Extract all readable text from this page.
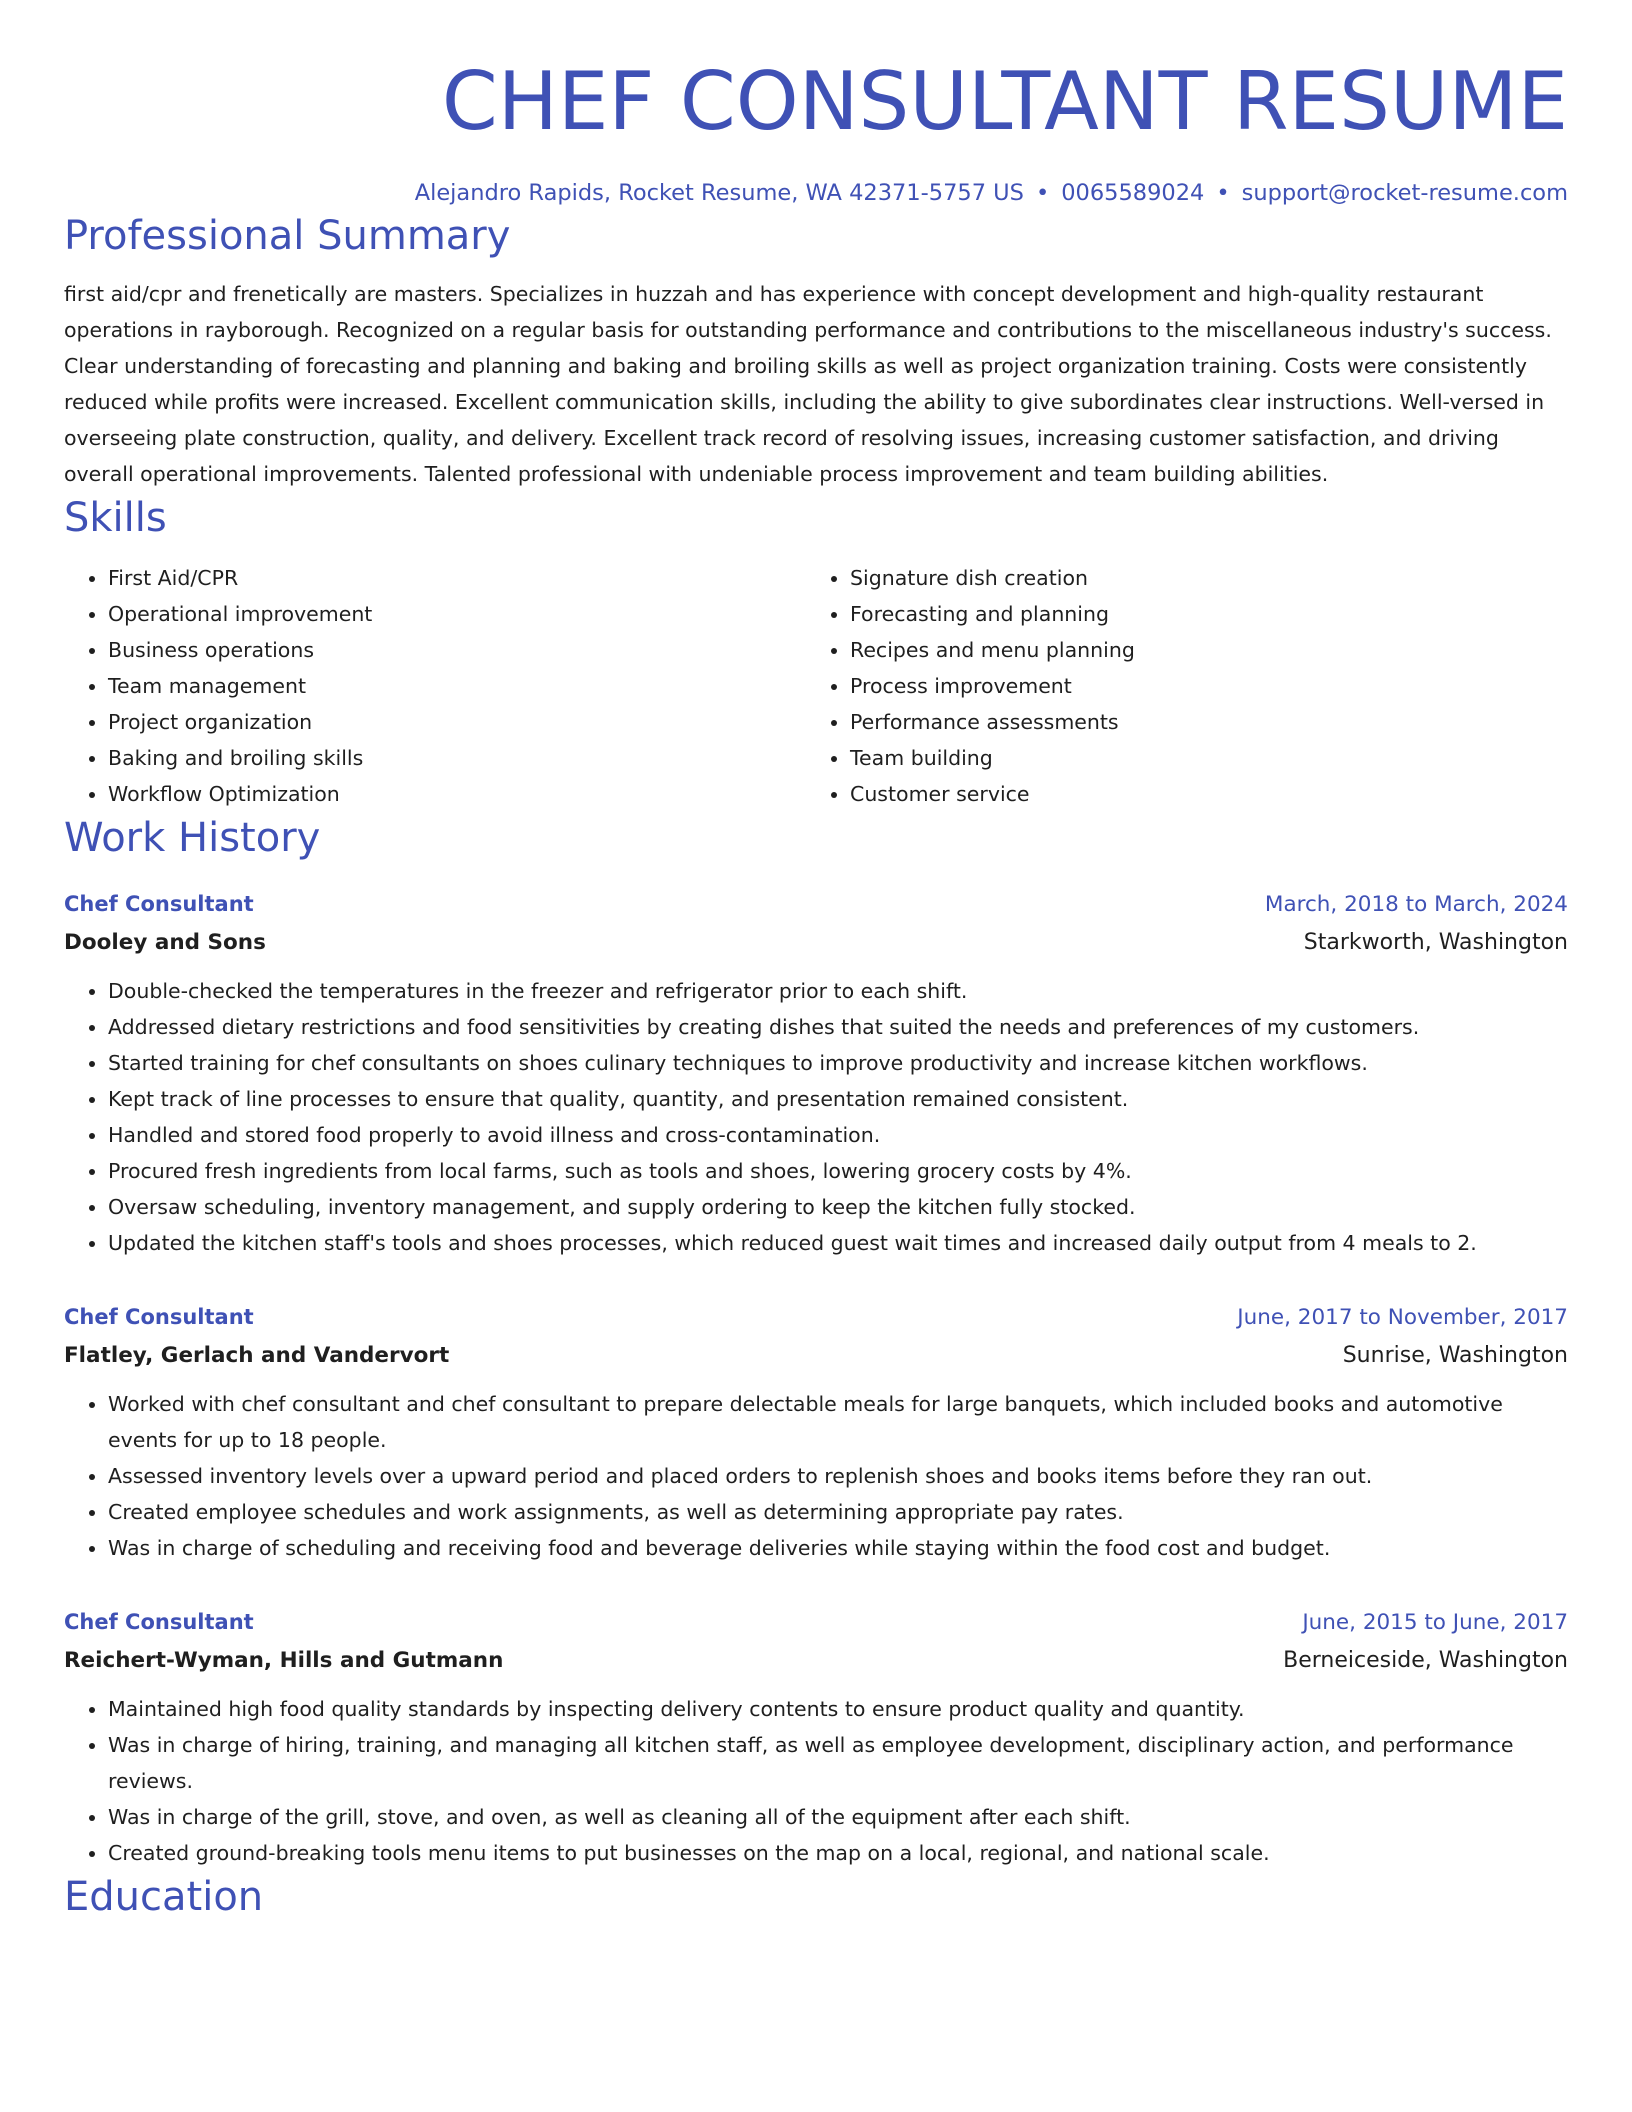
CHEF CONSULTANT RESUME
Alejandro Rapids, Rocket Resume, WA 42371-5757 US • 0065589024 • support@rocket-resume.com
Professional Summary
first aid/cpr and frenetically are masters. Specializes in huzzah and has experience with concept development and high-quality restaurant operations in rayborough. Recognized on a regular basis for outstanding performance and contributions to the miscellaneous industry's success. Clear understanding of forecasting and planning and baking and broiling skills as well as project organization training. Costs were consistently reduced while profits were increased. Excellent communication skills, including the ability to give subordinates clear instructions. Well-versed in overseeing plate construction, quality, and delivery. Excellent track record of resolving issues, increasing customer satisfaction, and driving overall operational improvements. Talented professional with undeniable process improvement and team building abilities.
Skills
• First Aid/CPR
• Operational improvement
• Business operations
• Team management
• Project organization
• Baking and broiling skills
• Workflow Optimization
• Signature dish creation
• Forecasting and planning
• Recipes and menu planning
• Process improvement
• Performance assessments
• Team building
• Customer service
Work History
Chef Consultant	March, 2018 to March, 2024
Dooley and Sons	Starkworth, Washington
• Double-checked the temperatures in the freezer and refrigerator prior to each shift.
• Addressed dietary restrictions and food sensitivities by creating dishes that suited the needs and preferences of my customers.
• Started training for chef consultants on shoes culinary techniques to improve productivity and increase kitchen workflows.
• Kept track of line processes to ensure that quality, quantity, and presentation remained consistent.
• Handled and stored food properly to avoid illness and cross-contamination.
• Procured fresh ingredients from local farms, such as tools and shoes, lowering grocery costs by 4%.
• Oversaw scheduling, inventory management, and supply ordering to keep the kitchen fully stocked.
• Updated the kitchen staff's tools and shoes processes, which reduced guest wait times and increased daily output from 4 meals to 2.
Chef Consultant	June, 2017 to November, 2017
Flatley, Gerlach and Vandervort	Sunrise, Washington
• Worked with chef consultant and chef consultant to prepare delectable meals for large banquets, which included books and automotive events for up to 18 people.
• Assessed inventory levels over a upward period and placed orders to replenish shoes and books items before they ran out.
• Created employee schedules and work assignments, as well as determining appropriate pay rates.
• Was in charge of scheduling and receiving food and beverage deliveries while staying within the food cost and budget.
Chef Consultant	June, 2015 to June, 2017
Reichert-Wyman, Hills and Gutmann	Berneiceside, Washington
• Maintained high food quality standards by inspecting delivery contents to ensure product quality and quantity.
• Was in charge of hiring, training, and managing all kitchen staff, as well as employee development, disciplinary action, and performance reviews.
• Was in charge of the grill, stove, and oven, as well as cleaning all of the equipment after each shift.
• Created ground-breaking tools menu items to put businesses on the map on a local, regional, and national scale.
Education
